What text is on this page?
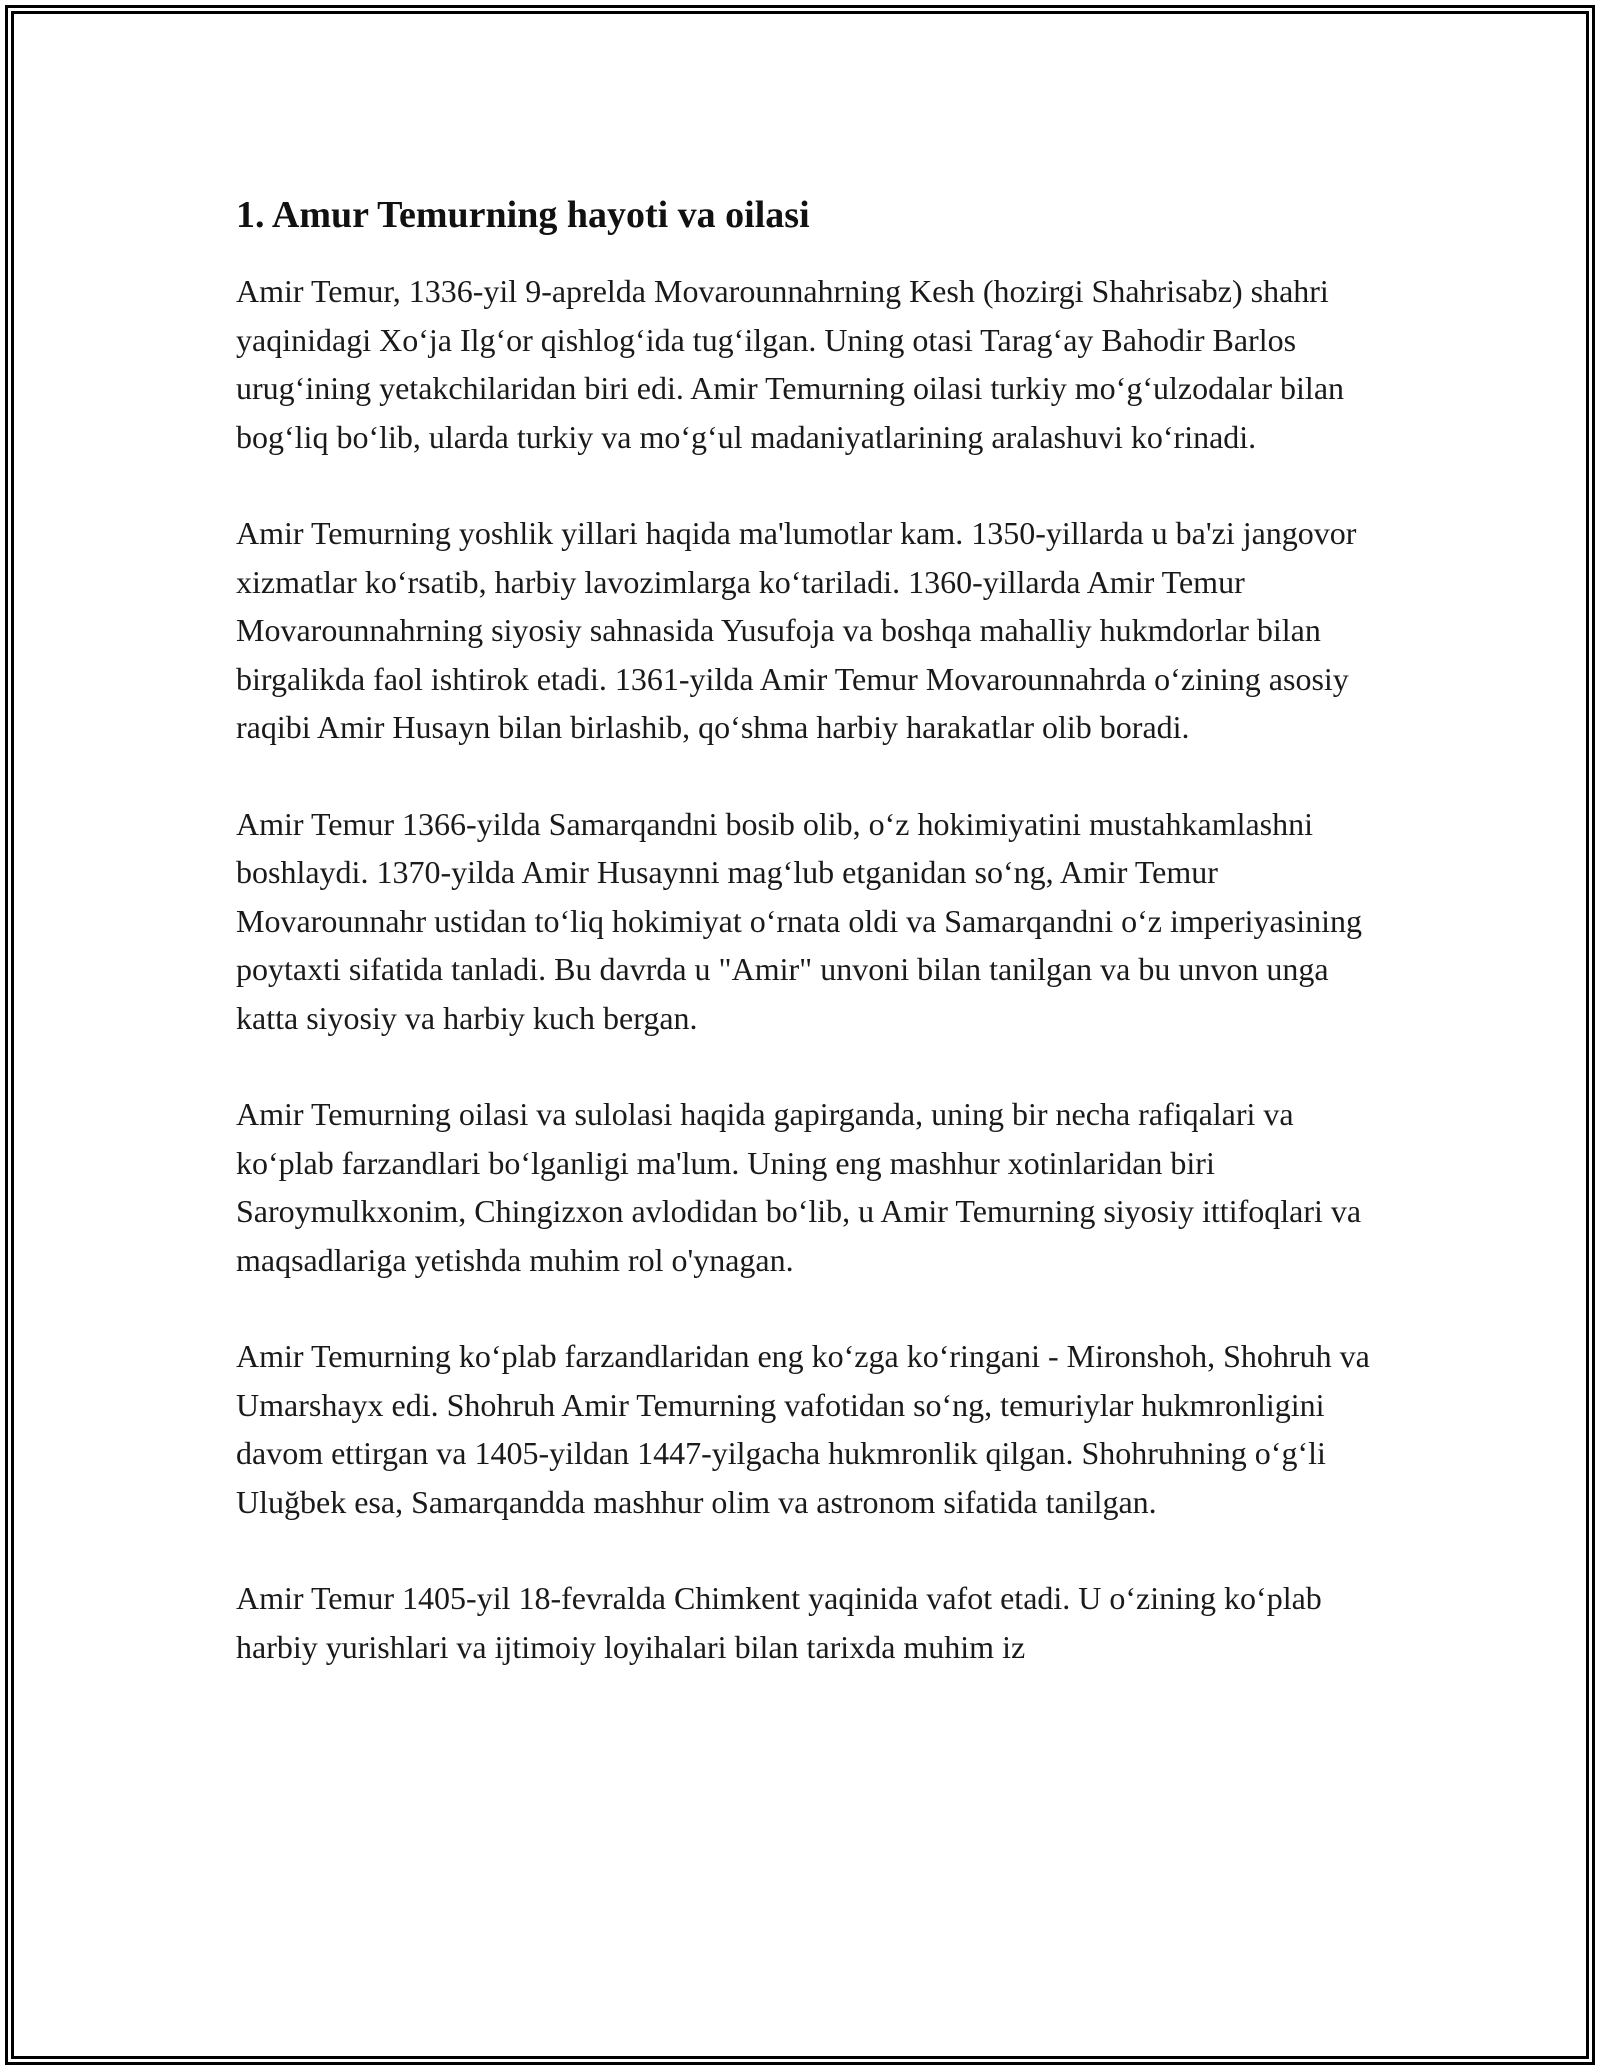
1. Amur Temurning hayoti va oilasi

Amir Temur, 1336-yil 9-aprelda Movarounnahrning Kesh (hozirgi Shahrisabz) shahri yaqinidagi Xo‘ja Ilg‘or qishlog‘ida tug‘ilgan. Uning otasi Tarag‘ay Bahodir Barlos urug‘ining yetakchilaridan biri edi. Amir Temurning oilasi turkiy mo‘g‘ulzodalar bilan bog‘liq bo‘lib, ularda turkiy va mo‘g‘ul madaniyatlarining aralashuvi ko‘rinadi.

Amir Temurning yoshlik yillari haqida ma'lumotlar kam. 1350-yillarda u ba'zi jangovor xizmatlar ko‘rsatib, harbiy lavozimlarga ko‘tariladi. 1360-yillarda Amir Temur Movarounnahrning siyosiy sahnasida Yusufoja va boshqa mahalliy hukmdorlar bilan birgalikda faol ishtirok etadi. 1361-yilda Amir Temur Movarounnahrda o‘zining asosiy raqibi Amir Husayn bilan birlashib, qo‘shma harbiy harakatlar olib boradi.

Amir Temur 1366-yilda Samarqandni bosib olib, o‘z hokimiyatini mustahkamlashni boshlaydi. 1370-yilda Amir Husaynni mag‘lub etganidan so‘ng, Amir Temur Movarounnahr ustidan to‘liq hokimiyat o‘rnata oldi va Samarqandni o‘z imperiyasining poytaxti sifatida tanladi. Bu davrda u "Amir" unvoni bilan tanilgan va bu unvon unga katta siyosiy va harbiy kuch bergan.

Amir Temurning oilasi va sulolasi haqida gapirganda, uning bir necha rafiqalari va ko‘plab farzandlari bo‘lganligi ma'lum. Uning eng mashhur xotinlaridan biri Saroymulkxonim, Chingizxon avlodidan bo‘lib, u Amir Temurning siyosiy ittifoqlari va maqsadlariga yetishda muhim rol o'ynagan.

Amir Temurning ko‘plab farzandlaridan eng ko‘zga ko‘ringani - Mironshoh, Shohruh va Umarshayx edi. Shohruh Amir Temurning vafotidan so‘ng, temuriylar hukmronligini davom ettirgan va 1405-yildan 1447-yilgacha hukmronlik qilgan. Shohruhning o‘g‘li Uluğbek esa, Samarqandda mashhur olim va astronom sifatida tanilgan.

Amir Temur 1405-yil 18-fevralda Chimkent yaqinida vafot etadi. U o‘zining ko‘plab harbiy yurishlari va ijtimoiy loyihalari bilan tarixda muhim iz
